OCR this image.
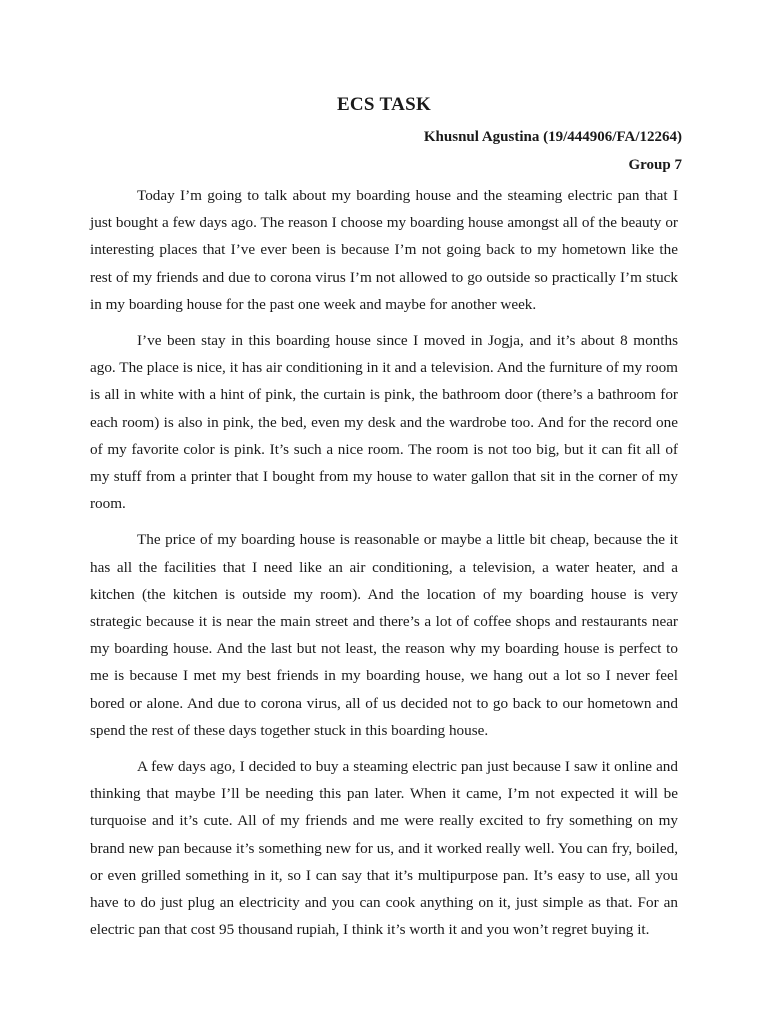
ECS TASK
Khusnul Agustina (19/444906/FA/12264)
Group 7

Today I’m going to talk about my boarding house and the steaming electric pan that I just bought a few days ago. The reason I choose my boarding house amongst all of the beauty or interesting places that I’ve ever been is because I’m not going back to my hometown like the rest of my friends and due to corona virus I’m not allowed to go outside so practically I’m stuck in my boarding house for the past one week and maybe for another week.

I’ve been stay in this boarding house since I moved in Jogja, and it’s about 8 months ago. The place is nice, it has air conditioning in it and a television. And the furniture of my room is all in white with a hint of pink, the curtain is pink, the bathroom door (there’s a bathroom for each room) is also in pink, the bed, even my desk and the wardrobe too. And for the record one of my favorite color is pink. It’s such a nice room. The room is not too big, but it can fit all of my stuff from a printer that I bought from my house to water gallon that sit in the corner of my room.

The price of my boarding house is reasonable or maybe a little bit cheap, because the it has all the facilities that I need like an air conditioning, a television, a water heater, and a kitchen (the kitchen is outside my room). And the location of my boarding house is very strategic because it is near the main street and there’s a lot of coffee shops and restaurants near my boarding house. And the last but not least, the reason why my boarding house is perfect to me is because I met my best friends in my boarding house, we hang out a lot so I never feel bored or alone. And due to corona virus, all of us decided not to go back to our hometown and spend the rest of these days together stuck in this boarding house.

A few days ago, I decided to buy a steaming electric pan just because I saw it online and thinking that maybe I’ll be needing this pan later. When it came, I’m not expected it will be turquoise and it’s cute. All of my friends and me were really excited to fry something on my brand new pan because it’s something new for us, and it worked really well. You can fry, boiled, or even grilled something in it, so I can say that it’s multipurpose pan. It’s easy to use, all you have to do just plug an electricity and you can cook anything on it, just simple as that. For an electric pan that cost 95 thousand rupiah, I think it’s worth it and you won’t regret buying it.
